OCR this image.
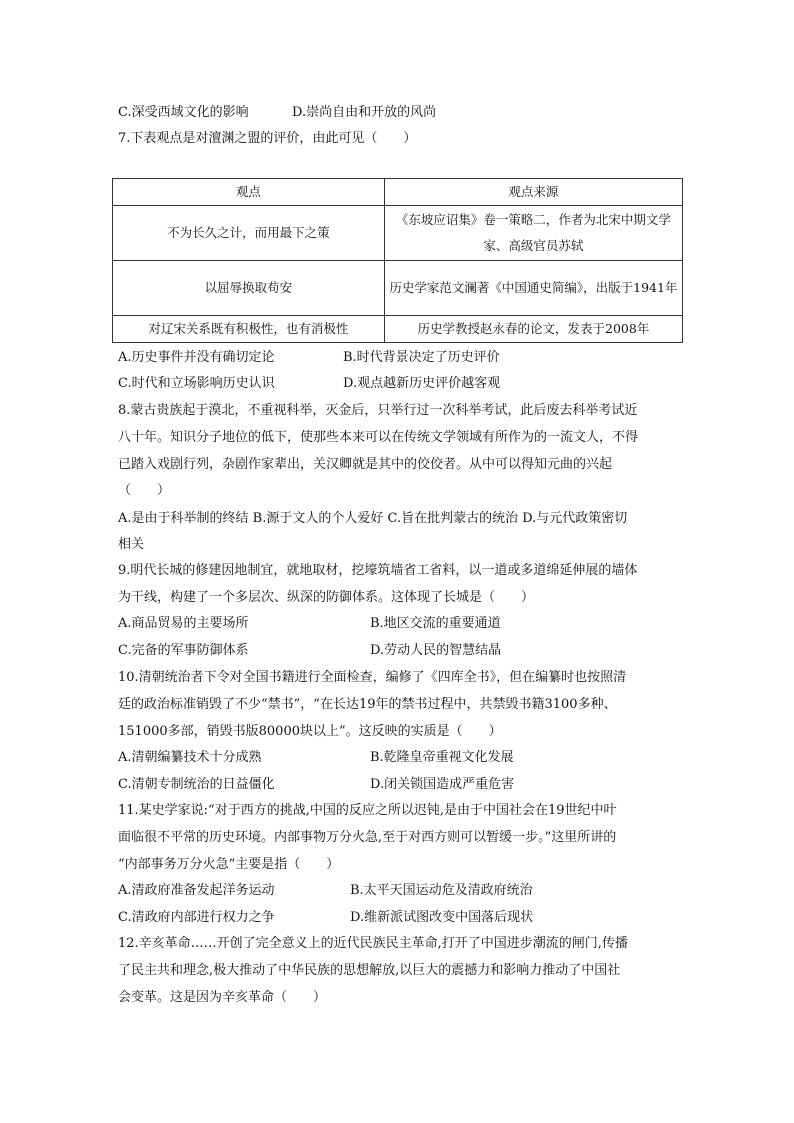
C.深受西域文化的影响	D.崇尚自由和开放的风尚
7.下表观点是对澶渊之盟的评价，由此可见（　　）
观点	观点来源
不为长久之计，而用最下之策	《东坡应诏集》卷一策略二，作者为北宋中期文学家、高级官员苏轼
以屈辱换取苟安	历史学家范文澜著《中国通史简编》，出版于1941年
对辽宋关系既有积极性，也有消极性	历史学教授赵永春的论文，发表于2008年
A.历史事件并没有确切定论	B.时代背景决定了历史评价
C.时代和立场影响历史认识	D.观点越新历史评价越客观
8.蒙古贵族起于漠北，不重视科举，灭金后，只举行过一次科举考试，此后废去科举考试近
八十年。知识分子地位的低下，使那些本来可以在传统文学领域有所作为的一流文人，不得
已踏入戏剧行列，杂剧作家辈出，关汉卿就是其中的佼佼者。从中可以得知元曲的兴起
（　　）
A.是由于科举制的终结 B.源于文人的个人爱好 C.旨在批判蒙古的统治 D.与元代政策密切
相关
9.明代长城的修建因地制宜，就地取材，挖壕筑墙省工省料，以一道或多道绵延伸展的墙体
为干线，构建了一个多层次、纵深的防御体系。这体现了长城是（　　）
A.商品贸易的主要场所	B.地区交流的重要通道
C.完备的军事防御体系	D.劳动人民的智慧结晶
10.清朝统治者下令对全国书籍进行全面检查，编修了《四库全书》，但在编纂时也按照清
廷的政治标准销毁了不少“禁书”，“在长达19年的禁书过程中，共禁毁书籍3100多种、
151000多部，销毁书版80000块以上”。这反映的实质是（　　）
A.清朝编纂技术十分成熟	B.乾隆皇帝重视文化发展
C.清朝专制统治的日益僵化	D.闭关锁国造成严重危害
11.某史学家说:“对于西方的挑战,中国的反应之所以迟钝,是由于中国社会在19世纪中叶
面临很不平常的历史环境。内部事物万分火急,至于对西方则可以暂缓一步。”这里所讲的
“内部事务万分火急”主要是指（　　）
A.清政府准备发起洋务运动	B.太平天国运动危及清政府统治
C.清政府内部进行权力之争	D.维新派试图改变中国落后现状
12.辛亥革命……开创了完全意义上的近代民族民主革命,打开了中国进步潮流的闸门,传播
了民主共和理念,极大推动了中华民族的思想解放,以巨大的震撼力和影响力推动了中国社
会变革。这是因为辛亥革命（　　）
